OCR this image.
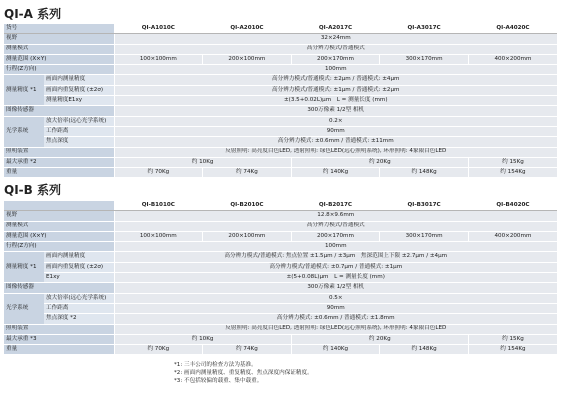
QI-A 系列
货号		QI-A1010C	QI-A2010C	QI-A2017C	QI-A3017C	QI-A4020C
视野		32×24mm				
测量模式		高分辨力模式/普通模式				
测量范围 (X×Y)		100×100mm	200×100mm	200×170mm	300×170mm	400×200mm
行程(Z方向)		100mm				
测量精度 *1	画面内测量精度	高分辨力模式/普通模式: ±2μm / 普通模式: ±4μm				
	画面内重复精度 (±2σ)	高分辨力模式/普通模式: ±1μm / 普通模式: ±2μm				
	测量精度E1xy	±(3.5+0.02L)μm　L = 测量长度 (mm)				
图像传感器		300万像素 1/2型 相机				
光学系统	放大倍率(远心光学系统)	0.2×				
	工作距离	90mm				
	焦点深度	高分辨力模式: ±0.6mm / 普通模式: ±11mm				
照明装置		反射照明: 高亮度白色LED, 透射照明: 绿色LED(远心照明系统), 环形照明: 4象限白色LED				
最大承重 *2		约 10Kg		约 20Kg		约 15Kg
重量		约 70Kg	约 74Kg	约 140Kg	约 148Kg	约 154Kg
QI-B 系列
		QI-B1010C	QI-B2010C	QI-B2017C	QI-B3017C	QI-B4020C
视野		12.8×9.6mm				
测量模式		高分辨力模式/普通模式				
测量范围 (X×Y)		100×100mm	200×100mm	200×170mm	300×170mm	400×200mm
行程(Z方向)		100mm				
测量精度 *1	画面内测量精度	高分辨力模式/普通模式: 焦点位置 ±1.5μm / ±3μm　焦深范围上下限 ±2.7μm / ±4μm				
	画面内重复精度 (±2σ)	高分辨力模式/普通模式: ±0.7μm / 普通模式: ±1μm				
	E1xy	±(5+0.08L)μm　L = 测量长度 (mm)				
图像传感器		300万像素 1/2型 相机				
光学系统	放大倍率(远心光学系统)	0.5×				
	工作距离	90mm				
	焦点深度 *2	高分辨力模式: ±0.6mm / 普通模式: ±1.8mm				
照明装置		反射照明: 高亮度白色LED, 透射照明: 绿色LED(远心照明系统), 环形照明: 4象限白色LED				
最大承重 *3		约 10Kg		约 20Kg		约 15Kg
重量		约 70Kg	约 74Kg	约 140Kg	约 148Kg	约 154Kg
*1: 三丰公司的检查方法为基准。
*2: 画面内测量精度、重复精度、焦点深度内保证精度。
*3: 不包括较偏的载重、集中载重。
